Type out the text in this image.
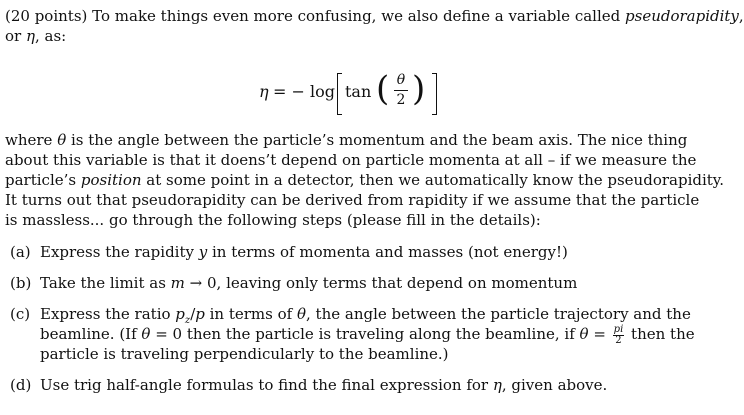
(20 points) To make things even more confusing, we also define a variable called pseudorapidity,
or η, as:
η = − log tan ( θ
2 )
where θ is the angle between the particle’s momentum and the beam axis. The nice thing
about this variable is that it doens’t depend on particle momenta at all – if we measure the
particle’s position at some point in a detector, then we automatically know the pseudorapidity.
It turns out that pseudorapidity can be derived from rapidity if we assume that the particle
is massless... go through the following steps (please fill in the details):
(a) Express the rapidity y in terms of momenta and masses (not energy!)
(b) Take the limit as m → 0, leaving only terms that depend on momentum
(c) Express the ratio $p_z/p$ in terms of θ, the angle between the particle trajectory and the
beamline. (If θ = 0 then the particle is traveling along the beamline, if $\theta = \frac{pi}{2}$ then the
particle is traveling perpendicularly to the beamline.)
(d) Use trig half-angle formulas to find the final expression for η, given above.
